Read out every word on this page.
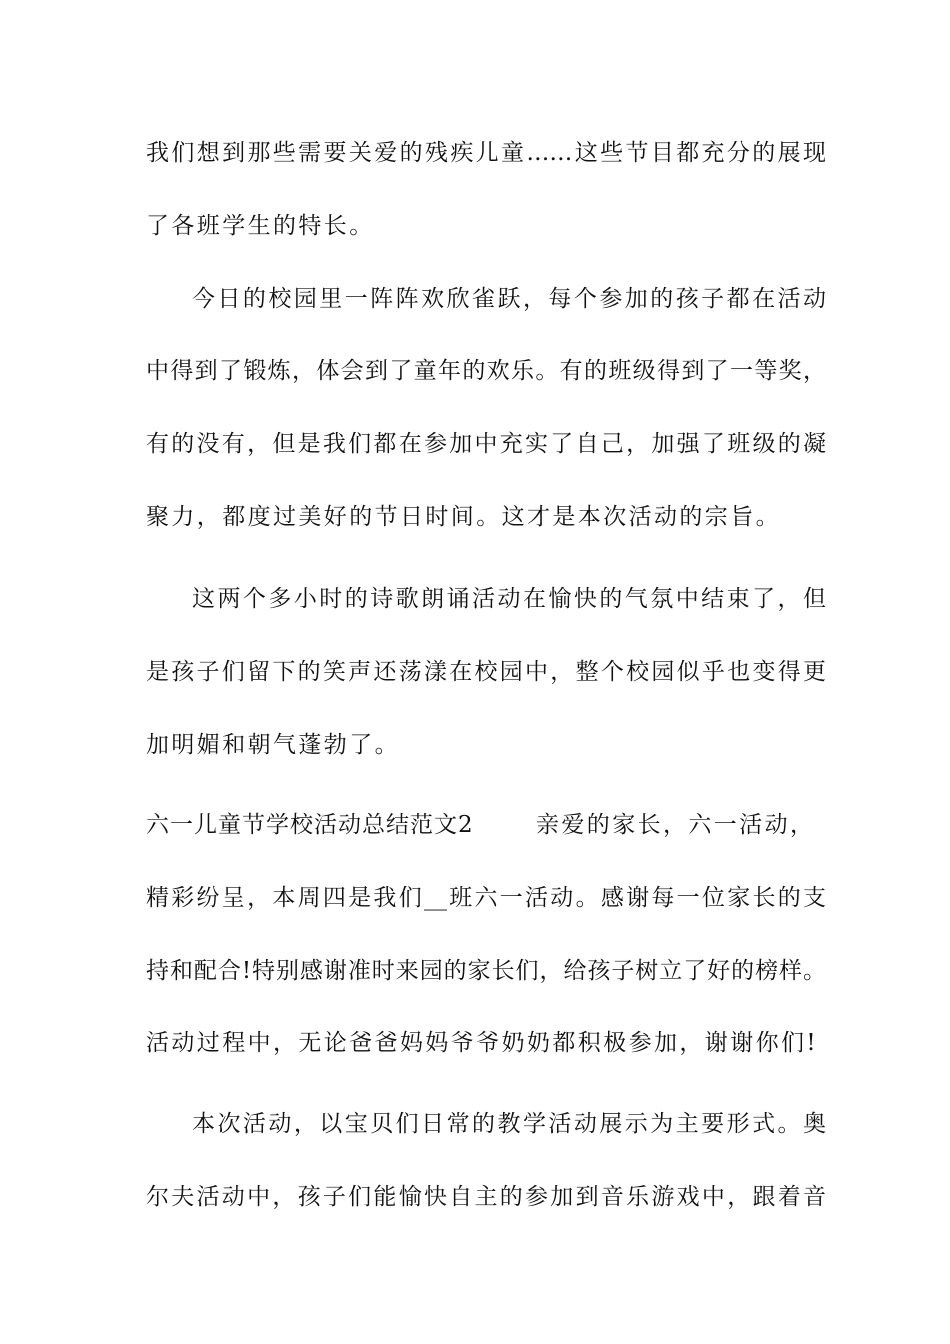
我们想到那些需要关爱的残疾儿童……这些节目都充分的展现
了各班学生的特长。
今日的校园里一阵阵欢欣雀跃，每个参加的孩子都在活动
中得到了锻炼，体会到了童年的欢乐。有的班级得到了一等奖，
有的没有，但是我们都在参加中充实了自己，加强了班级的凝
聚力，都度过美好的节日时间。这才是本次活动的宗旨。
这两个多小时的诗歌朗诵活动在愉快的气氛中结束了，但
是孩子们留下的笑声还荡漾在校园中，整个校园似乎也变得更
加明媚和朝气蓬勃了。
六一儿童节学校活动总结范文2	亲爱的家长，六一活动，
精彩纷呈，本周四是我们__班六一活动。感谢每一位家长的支
持和配合!特别感谢准时来园的家长们，给孩子树立了好的榜样。
活动过程中，无论爸爸妈妈爷爷奶奶都积极参加，谢谢你们!
本次活动，以宝贝们日常的教学活动展示为主要形式。奥
尔夫活动中，孩子们能愉快自主的参加到音乐游戏中，跟着音
